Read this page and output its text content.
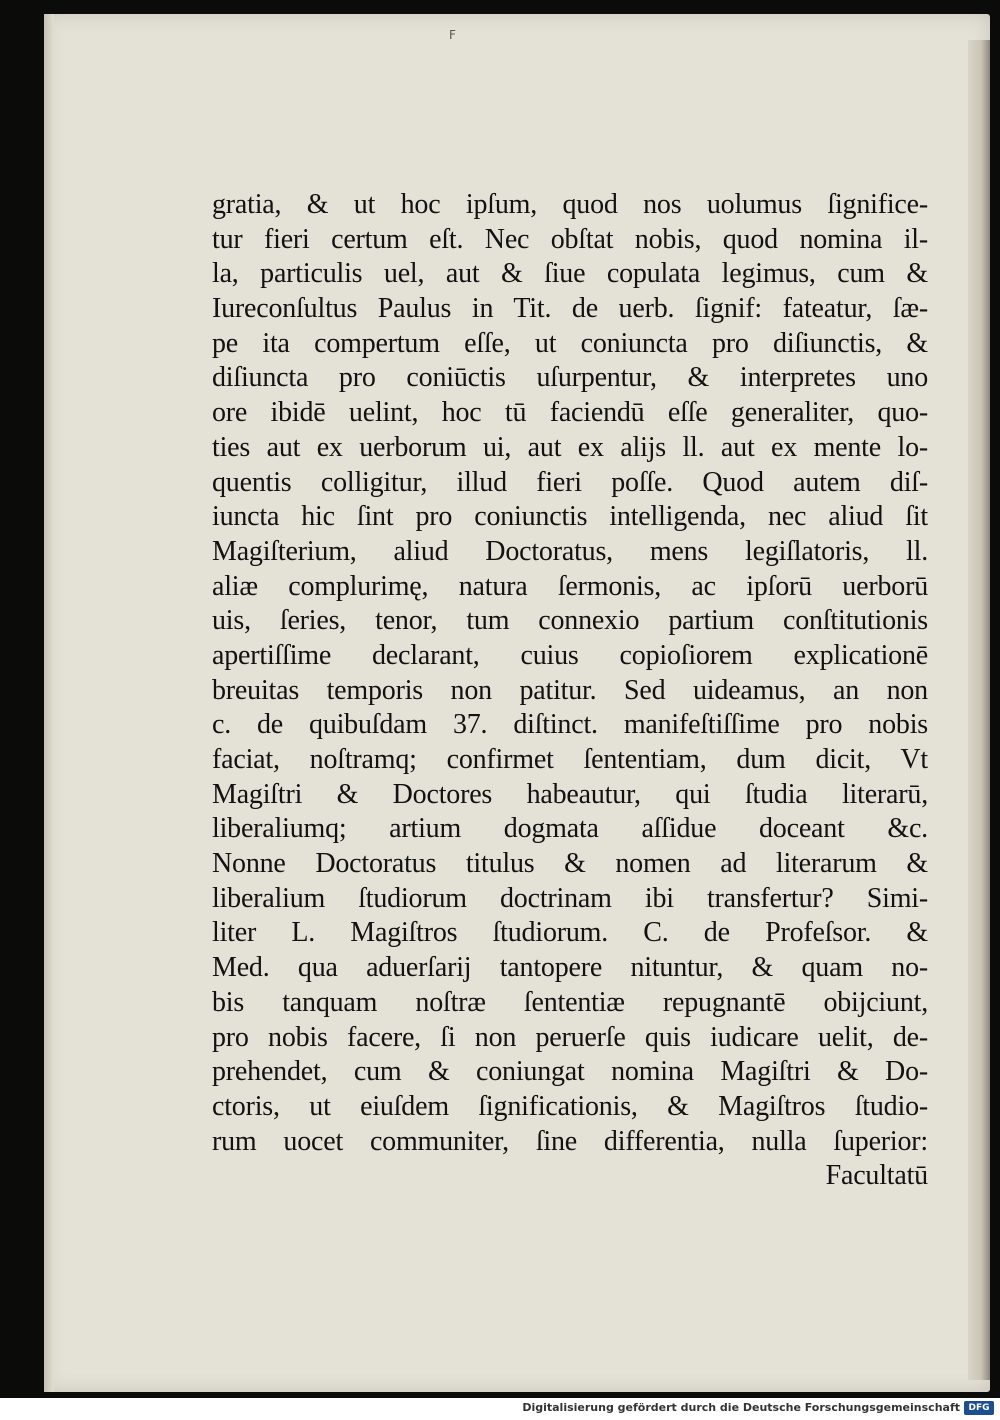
F
gratia, & ut hoc ipſum, quod nos uolumus ſignifice-
tur fieri certum eſt. Nec obſtat nobis, quod nomina il-
la, particulis uel, aut & ſiue copulata legimus, cum &
Iureconſultus Paulus in Tit. de uerb. ſignif: fateatur, ſæ-
pe ita compertum eſſe, ut coniuncta pro diſiunctis, &
diſiuncta pro coniūctis uſurpentur, & interpretes uno
ore ibidē uelint, hoc tū faciendū eſſe generaliter, quo-
ties aut ex uerborum ui, aut ex alijs ll. aut ex mente lo-
quentis colligitur, illud fieri poſſe. Quod autem diſ-
iuncta hic ſint pro coniunctis intelligenda, nec aliud ſit
Magiſterium, aliud Doctoratus, mens legiſlatoris, ll.
aliæ complurimę, natura ſermonis, ac ipſorū uerborū
uis, ſeries, tenor, tum connexio partium conſtitutionis
apertiſſime declarant, cuius copioſiorem explicationē
breuitas temporis non patitur. Sed uideamus, an non
c. de quibuſdam 37. diſtinct. manifeſtiſſime pro nobis
faciat, noſtramq; confirmet ſententiam, dum dicit, Vt
Magiſtri & Doctores habeautur, qui ſtudia literarū,
liberaliumq; artium dogmata aſſidue doceant &c.
Nonne Doctoratus titulus & nomen ad literarum &
liberalium ſtudiorum doctrinam ibi transfertur? Simi-
liter L. Magiſtros ſtudiorum. C. de Profeſsor. &
Med. qua aduerſarij tantopere nituntur, & quam no-
bis tanquam noſtræ ſententiæ repugnantē obijciunt,
pro nobis facere, ſi non peruerſe quis iudicare uelit, de-
prehendet, cum & coniungat nomina Magiſtri & Do-
ctoris, ut eiuſdem ſignificationis, & Magiſtros ſtudio-
rum uocet communiter, ſine differentia, nulla ſuperior:
Facultatū
Digitalisierung gefördert durch die Deutsche Forschungsgemeinschaft DFG
